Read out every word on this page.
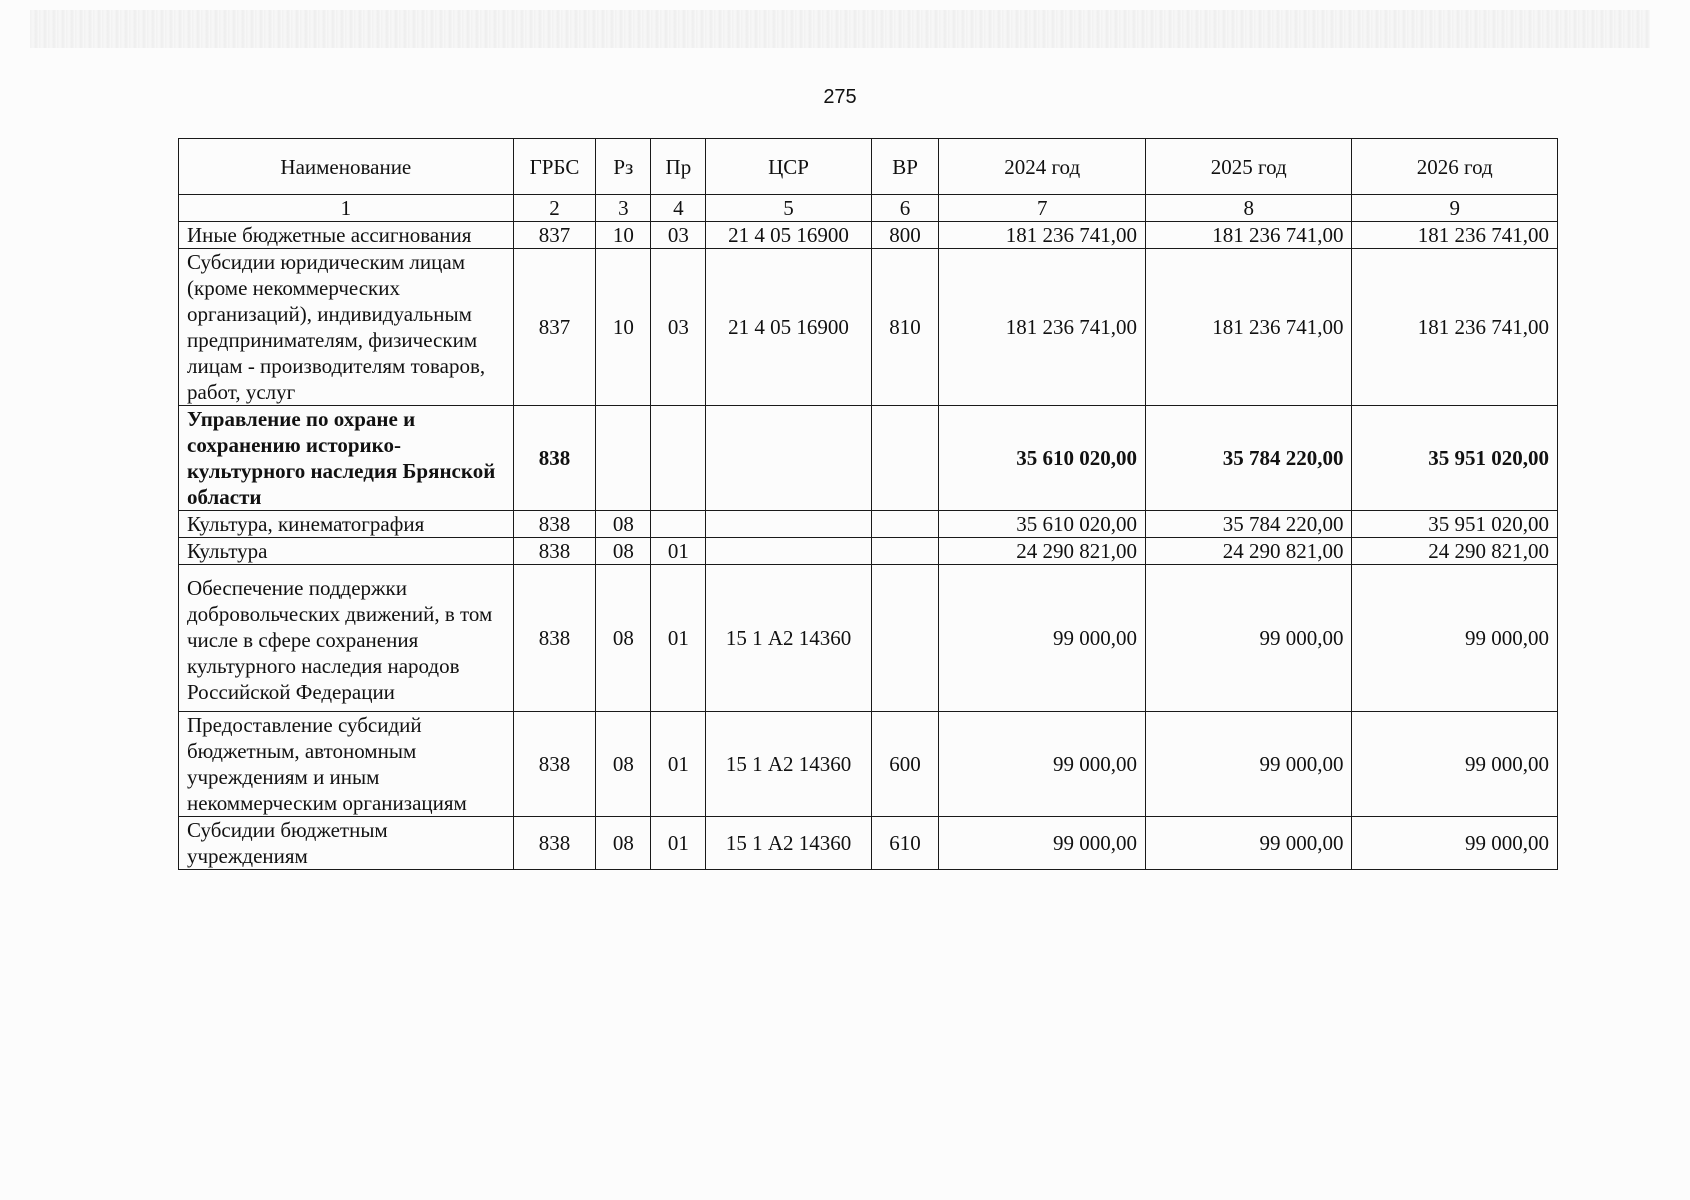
275
Наименование	ГРБС	Рз	Пр	ЦСР	ВР	2024 год	2025 год	2026 год
1	2	3	4	5	6	7	8	9
Иные бюджетные ассигнования	837	10	03	21 4 05 16900	800	181 236 741,00	181 236 741,00	181 236 741,00
Субсидии юридическим лицам (кроме некоммерческих организаций), индивидуальным предпринимателям, физическим лицам - производителям товаров, работ, услуг	837	10	03	21 4 05 16900	810	181 236 741,00	181 236 741,00	181 236 741,00
Управление по охране и сохранению историко-культурного наследия Брянской области	838					35 610 020,00	35 784 220,00	35 951 020,00
Культура, кинематография	838	08				35 610 020,00	35 784 220,00	35 951 020,00
Культура	838	08	01			24 290 821,00	24 290 821,00	24 290 821,00
Обеспечение поддержки добровольческих движений, в том числе в сфере сохранения культурного наследия народов Российской Федерации	838	08	01	15 1 А2 14360		99 000,00	99 000,00	99 000,00
Предоставление субсидий бюджетным, автономным учреждениям и иным некоммерческим организациям	838	08	01	15 1 А2 14360	600	99 000,00	99 000,00	99 000,00
Субсидии бюджетным учреждениям	838	08	01	15 1 А2 14360	610	99 000,00	99 000,00	99 000,00
